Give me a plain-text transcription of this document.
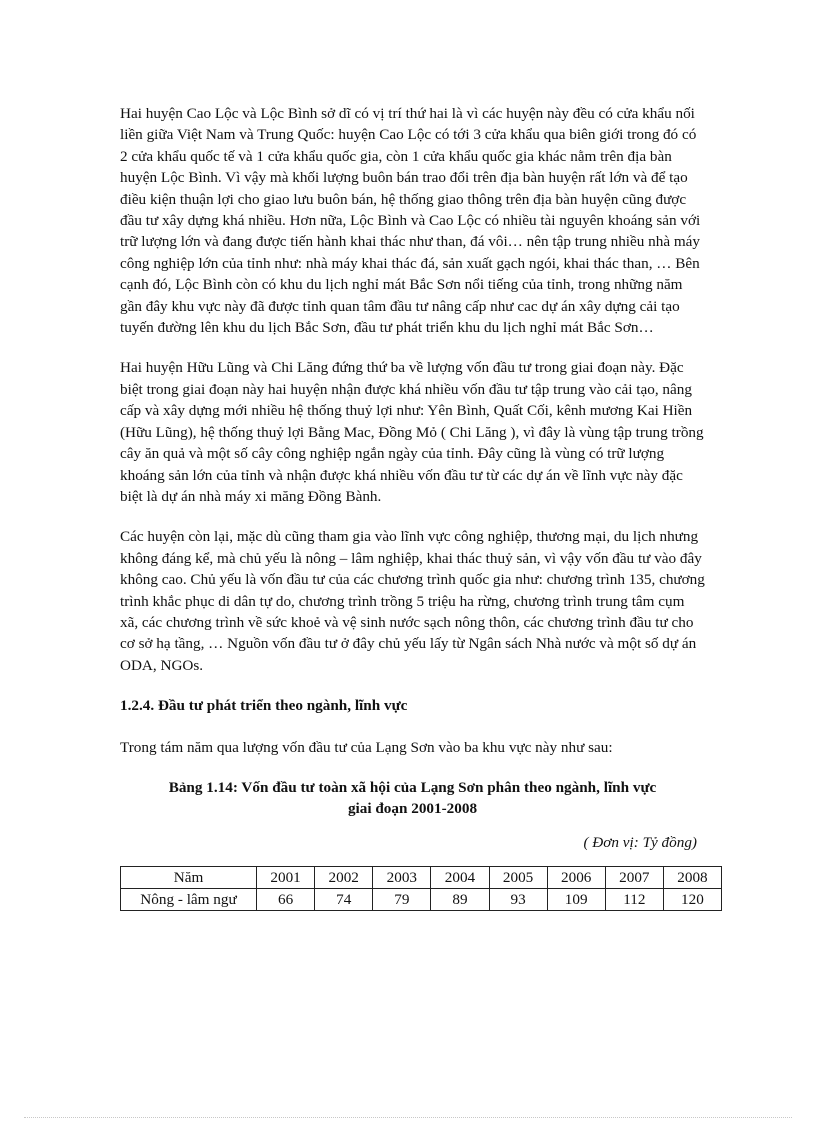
Hai huyện Cao Lộc và Lộc Bình sở dĩ có vị trí thứ hai là vì các huyện này đều có cửa khẩu nối liền giữa Việt Nam và Trung Quốc: huyện Cao Lộc có tới 3 cửa khẩu qua biên giới trong đó có 2 cửa khẩu quốc tế và 1 cửa khẩu quốc gia, còn 1 cửa khẩu quốc gia khác nằm trên địa bàn huyện Lộc Bình. Vì vậy mà khối lượng buôn bán trao đổi trên địa bàn huyện rất lớn và để tạo điều kiện thuận lợi cho giao lưu buôn bán, hệ thống giao thông trên địa bàn huyện cũng được đầu tư xây dựng khá nhiều. Hơn nữa, Lộc Bình và Cao Lộc có nhiều tài nguyên khoáng sản với trữ lượng lớn và đang được tiến hành khai thác như than, đá vôi… nên tập trung nhiều nhà máy công nghiệp lớn của tỉnh như: nhà máy khai thác đá, sản xuất gạch ngói, khai thác than, … Bên cạnh đó, Lộc Bình còn có khu du lịch nghỉ mát Bắc Sơn nổi tiếng của tỉnh, trong những năm gần đây khu vực này đã được tỉnh quan tâm đầu tư nâng cấp như cac dự án xây dựng cải tạo tuyến đường lên khu du lịch Bắc Sơn, đầu tư phát triển khu du lịch nghỉ mát Bắc Sơn…

Hai huyện Hữu Lũng và Chi Lăng đứng thứ ba về lượng vốn đầu tư trong giai đoạn này. Đặc biệt trong giai đoạn này hai huyện nhận được khá nhiều vốn đầu tư tập trung vào cải tạo, nâng cấp và xây dựng mới nhiều hệ thống thuỷ lợi như: Yên Bình, Quất Cối, kênh mương Kai Hiền (Hữu Lũng), hệ thống thuỷ lợi Bằng Mac, Đồng Mỏ ( Chi Lăng ), vì đây là vùng tập trung trồng cây ăn quả và một số cây công nghiệp ngắn ngày của tỉnh. Đây cũng là vùng có trữ lượng khoáng sản lớn của tỉnh và nhận được khá nhiều vốn đầu tư từ các dự án về lĩnh vực này đặc biệt là dự án nhà máy xi măng Đồng Bành.

Các huyện còn lại, mặc dù cũng tham gia vào lĩnh vực công nghiệp, thương mại, du lịch nhưng không đáng kể, mà chủ yếu là nông – lâm nghiệp, khai thác thuỷ sản, vì vậy vốn đầu tư vào đây không cao. Chủ yếu là vốn đầu tư của các chương trình quốc gia như: chương trình 135, chương trình khắc phục di dân tự do, chương trình trồng 5 triệu ha rừng, chương trình trung tâm cụm xã, các chương trình về sức khoẻ và vệ sinh nước sạch nông thôn, các chương trình đầu tư cho cơ sở hạ tầng, … Nguồn vốn đầu tư ở đây chủ yếu lấy từ Ngân sách Nhà nước và một số dự án ODA, NGOs.

1.2.4. Đầu tư phát triển theo ngành, lĩnh vực

Trong tám năm qua lượng vốn đầu tư của Lạng Sơn vào ba khu vực này như sau:

Bảng 1.14: Vốn đầu tư toàn xã hội của Lạng Sơn phân theo ngành, lĩnh vực
giai đoạn 2001-2008
( Đơn vị: Tỷ đồng)
Năm	2001	2002	2003	2004	2005	2006	2007	2008
Nông - lâm ngư	66	74	79	89	93	109	112	120
